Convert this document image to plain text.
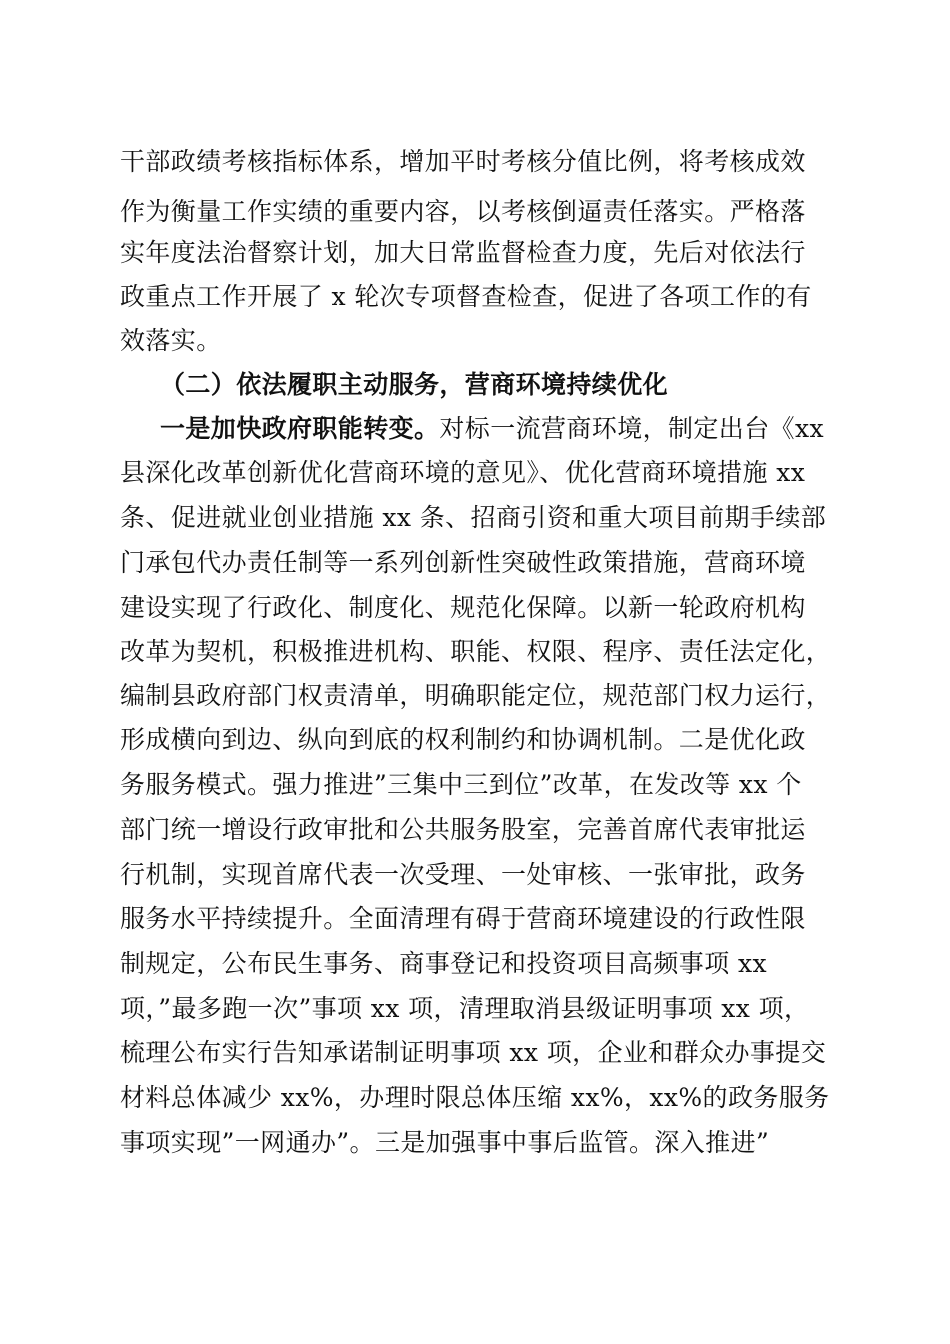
干部政绩考核指标体系，增加平时考核分值比例，将考核成效
作为衡量工作实绩的重要内容，以考核倒逼责任落实。严格落
实年度法治督察计划，加大日常监督检查力度，先后对依法行
政重点工作开展了 x 轮次专项督查检查，促进了各项工作的有
效落实。
（二）依法履职主动服务，营商环境持续优化
一是加快政府职能转变。对标一流营商环境，制定出台《xx
县深化改革创新优化营商环境的意见》、优化营商环境措施 xx
条、促进就业创业措施 xx 条、招商引资和重大项目前期手续部
门承包代办责任制等一系列创新性突破性政策措施，营商环境
建设实现了行政化、制度化、规范化保障。以新一轮政府机构
改革为契机，积极推进机构、职能、权限、程序、责任法定化，
编制县政府部门权责清单，明确职能定位，规范部门权力运行，
形成横向到边、纵向到底的权利制约和协调机制。二是优化政
务服务模式。强力推进”三集中三到位”改革，在发改等 xx 个
部门统一增设行政审批和公共服务股室，完善首席代表审批运
行机制，实现首席代表一次受理、一处审核、一张审批，政务
服务水平持续提升。全面清理有碍于营商环境建设的行政性限
制规定，公布民生事务、商事登记和投资项目高频事项 xx
项，”最多跑一次”事项 xx 项，清理取消县级证明事项 xx 项，
梳理公布实行告知承诺制证明事项 xx 项，企业和群众办事提交
材料总体减少 xx%，办理时限总体压缩 xx%，xx%的政务服务
事项实现”一网通办”。三是加强事中事后监管。深入推进”
